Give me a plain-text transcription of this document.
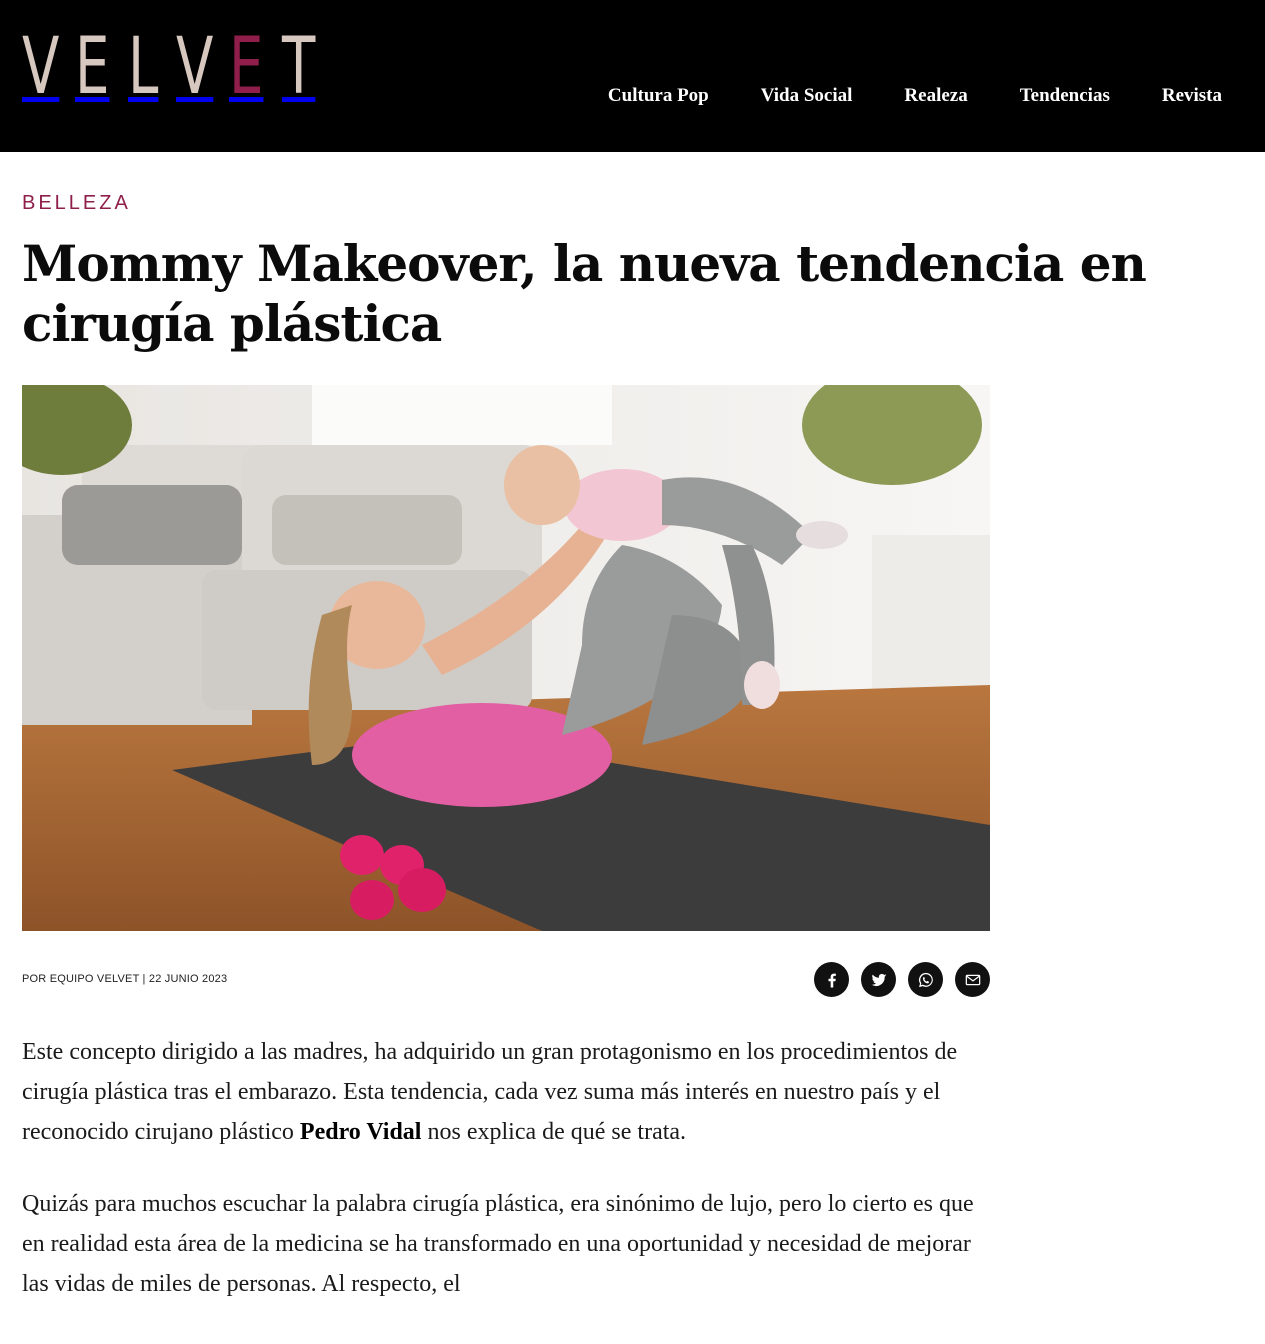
V E L V E T	Cultura Pop	Vida Social	Realeza	Tendencias	Revista
BELLEZA
Mommy Makeover, la nueva tendencia en cirugía plástica
POR EQUIPO VELVET | 22 JUNIO 2023

Este concepto dirigido a las madres, ha adquirido un gran protagonismo en los procedimientos de cirugía plástica tras el embarazo. Esta tendencia, cada vez suma más interés en nuestro país y el reconocido cirujano plástico Pedro Vidal nos explica de qué se trata.

Quizás para muchos escuchar la palabra cirugía plástica, era sinónimo de lujo, pero lo cierto es que en realidad esta área de la medicina se ha transformado en una oportunidad y necesidad de mejorar las vidas de miles de personas. Al respecto, el
